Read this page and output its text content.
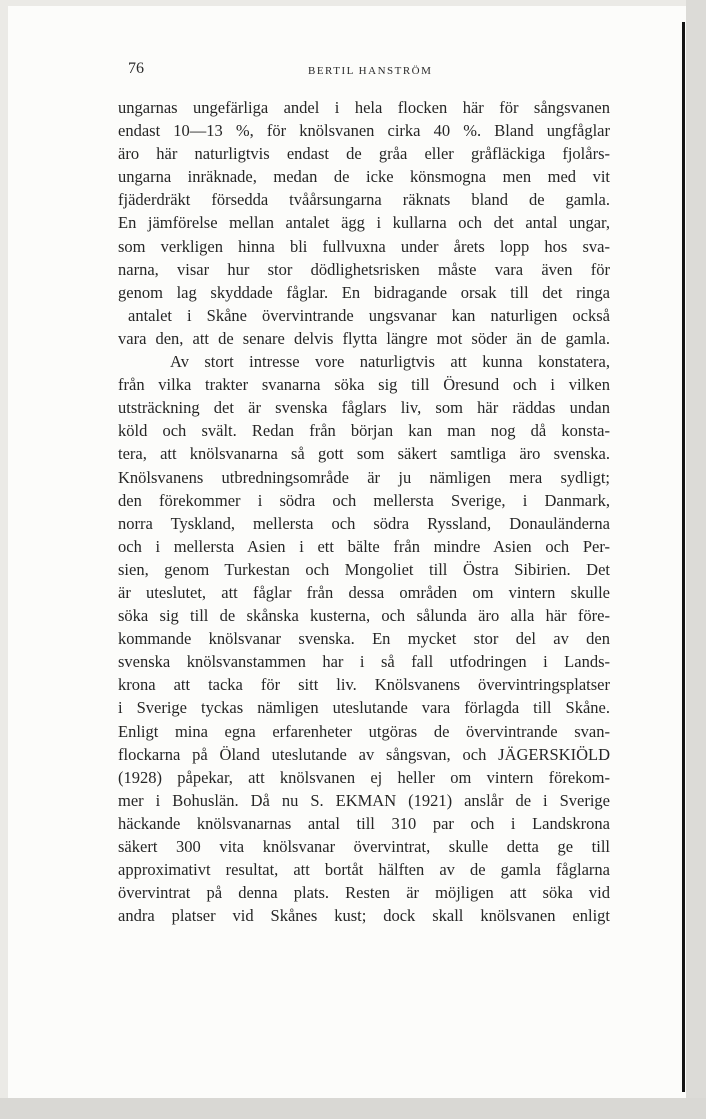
76	BERTIL HANSTRÖM
ungarnas ungefärliga andel i hela flocken här för sångsvanen
endast 10—13 %, för knölsvanen cirka 40 %. Bland ungfåglar
äro här naturligtvis endast de gråa eller gråfläckiga fjolårs-
ungarna inräknade, medan de icke könsmogna men med vit
fjäderdräkt försedda tvåårsungarna räknats bland de gamla.
En jämförelse mellan antalet ägg i kullarna och det antal ungar,
som verkligen hinna bli fullvuxna under årets lopp hos sva-
narna, visar hur stor dödlighetsrisken måste vara även för
genom lag skyddade fåglar. En bidragande orsak till det ringa
antalet i Skåne övervintrande ungsvanar kan naturligen också
vara den, att de senare delvis flytta längre mot söder än de gamla.
Av stort intresse vore naturligtvis att kunna konstatera,
från vilka trakter svanarna söka sig till Öresund och i vilken
utsträckning det är svenska fåglars liv, som här räddas undan
köld och svält. Redan från början kan man nog då konsta-
tera, att knölsvanarna så gott som säkert samtliga äro svenska.
Knölsvanens utbredningsområde är ju nämligen mera sydligt;
den förekommer i södra och mellersta Sverige, i Danmark,
norra Tyskland, mellersta och södra Ryssland, Donauländerna
och i mellersta Asien i ett bälte från mindre Asien och Per-
sien, genom Turkestan och Mongoliet till Östra Sibirien. Det
är uteslutet, att fåglar från dessa områden om vintern skulle
söka sig till de skånska kusterna, och sålunda äro alla här före-
kommande knölsvanar svenska. En mycket stor del av den
svenska knölsvanstammen har i så fall utfodringen i Lands-
krona att tacka för sitt liv. Knölsvanens övervintringsplatser
i Sverige tyckas nämligen uteslutande vara förlagda till Skåne.
Enligt mina egna erfarenheter utgöras de övervintrande svan-
flockarna på Öland uteslutande av sångsvan, och JÄGERSKIÖLD
(1928) påpekar, att knölsvanen ej heller om vintern förekom-
mer i Bohuslän. Då nu S. EKMAN (1921) anslår de i Sverige
häckande knölsvanarnas antal till 310 par och i Landskrona
säkert 300 vita knölsvanar övervintrat, skulle detta ge till
approximativt resultat, att bortåt hälften av de gamla fåglarna
övervintrat på denna plats. Resten är möjligen att söka vid
andra platser vid Skånes kust; dock skall knölsvanen enligt
